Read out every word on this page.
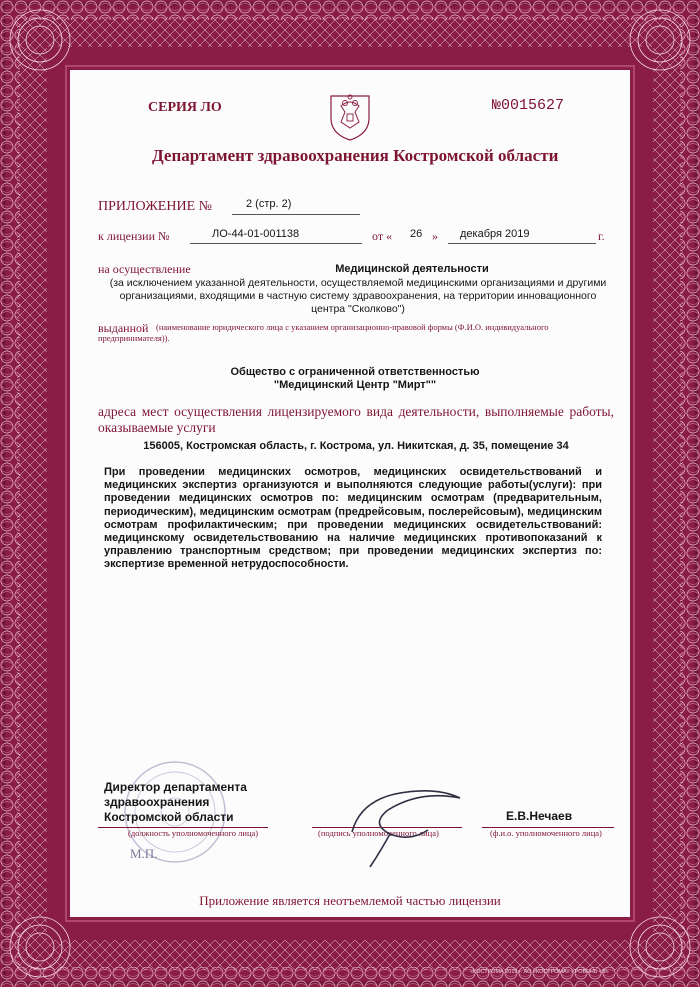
СЕРИЯ ЛО	№0015627
Департамент здравоохранения Костромской области
ПРИЛОЖЕНИЕ №	2 (стр. 2)
к лицензии №	ЛО-44-01-001138	от « 26 » декабря 2019	г.
на осуществление	Медицинской деятельности
(за исключением указанной деятельности, осуществляемой медицинскими организациями и другими организациями, входящими в частную систему здравоохранения, на территории инновационного центра "Сколково")
выданной (наименование юридического лица с указанием организационно-правовой формы (Ф.И.О. индивидуального предпринимателя)).
Общество с ограниченной ответственностью
"Медицинский Центр "Мирт""
адреса мест осуществления лицензируемого вида деятельности, выполняемые работы, оказываемые услуги
156005, Костромская область, г. Кострома, ул. Никитская, д. 35, помещение 34
При проведении медицинских осмотров, медицинских освидетельствований и медицинских экспертиз организуются и выполняются следующие работы(услуги): при проведении медицинских осмотров по: медицинским осмотрам (предварительным, периодическим), медицинским осмотрам (предрейсовым, послерейсовым), медицинским осмотрам профилактическим; при проведении медицинских освидетельствований: медицинскому освидетельствованию на наличие медицинских противопоказаний к управлению транспортным средством; при проведении медицинских экспертиз по: экспертизе временной нетрудоспособности.
Директор департамента
здравоохранения
Костромской области
(должность уполномоченного лица)	(подпись уполномоченного лица)
Е.В.Нечаев
(ф.и.о. уполномоченного лица)
М.П.
Приложение является неотъемлемой частью лицензии
«КОСТРОМА 2019». АО «КОСТРОМА» УРОВЕНЬ «Б»
